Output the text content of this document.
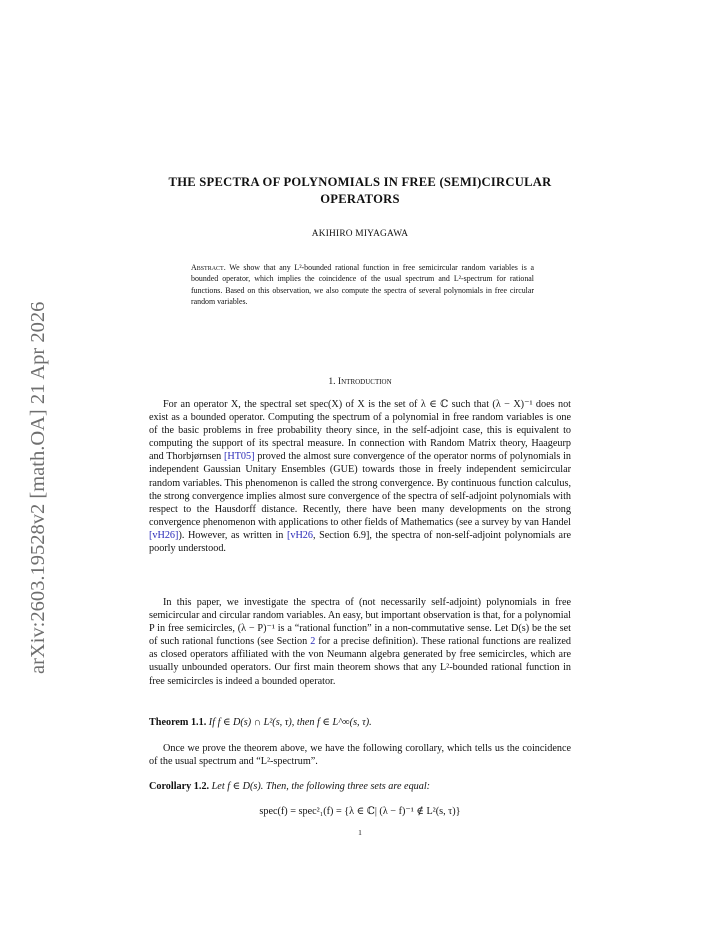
arXiv:2603.19528v2 [math.OA] 21 Apr 2026
THE SPECTRA OF POLYNOMIALS IN FREE (SEMI)CIRCULAR
OPERATORS
AKIHIRO MIYAGAWA
Abstract. We show that any L²-bounded rational function in free semicircular random variables is a bounded operator, which implies the coincidence of the usual spectrum and L²-spectrum for rational functions. Based on this observation, we also compute the spectra of several polynomials in free circular random variables.
1. Introduction

For an operator X, the spectral set spec(X) of X is the set of λ ∈ ℂ such that (λ − X)⁻¹ does not exist as a bounded operator. Computing the spectrum of a polynomial in free random variables is one of the basic problems in free probability theory since, in the self-adjoint case, this is equivalent to computing the support of its spectral measure. In connection with Random Matrix theory, Haageurp and Thorbjørnsen [HT05] proved the almost sure convergence of the operator norms of polynomials in independent Gaussian Unitary Ensembles (GUE) towards those in freely independent semicircular random variables. This phenomenon is called the strong convergence. By continuous function calculus, the strong convergence implies almost sure convergence of the spectra of self-adjoint polynomials with respect to the Hausdorff distance. Recently, there have been many developments on the strong convergence phenomenon with applications to other fields of Mathematics (see a survey by van Handel [vH26]). However, as written in [vH26, Section 6.9], the spectra of non-self-adjoint polynomials are poorly understood.

In this paper, we investigate the spectra of (not necessarily self-adjoint) polynomials in free semicircular and circular random variables. An easy, but important observation is that, for a polynomial P in free semicircles, (λ − P)⁻¹ is a “rational function” in a non-commutative sense. Let D(s) be the set of such rational functions (see Section 2 for a precise definition). These rational functions are realized as closed operators affiliated with the von Neumann algebra generated by free semicircles, which are usually unbounded operators. Our first main theorem shows that any L²-bounded rational function in free semicircles is indeed a bounded operator.

Theorem 1.1. If f ∈ D(s) ∩ L²(s, τ), then f ∈ L^∞(s, τ).

Once we prove the theorem above, we have the following corollary, which tells us the coincidence of the usual spectrum and “L²-spectrum”.

Corollary 1.2. Let f ∈ D(s). Then, the following three sets are equal:
spec(f) = spec²₁(f) = {λ ∈ ℂ| (λ − f)⁻¹ ∉ L²(s, τ)}
1
